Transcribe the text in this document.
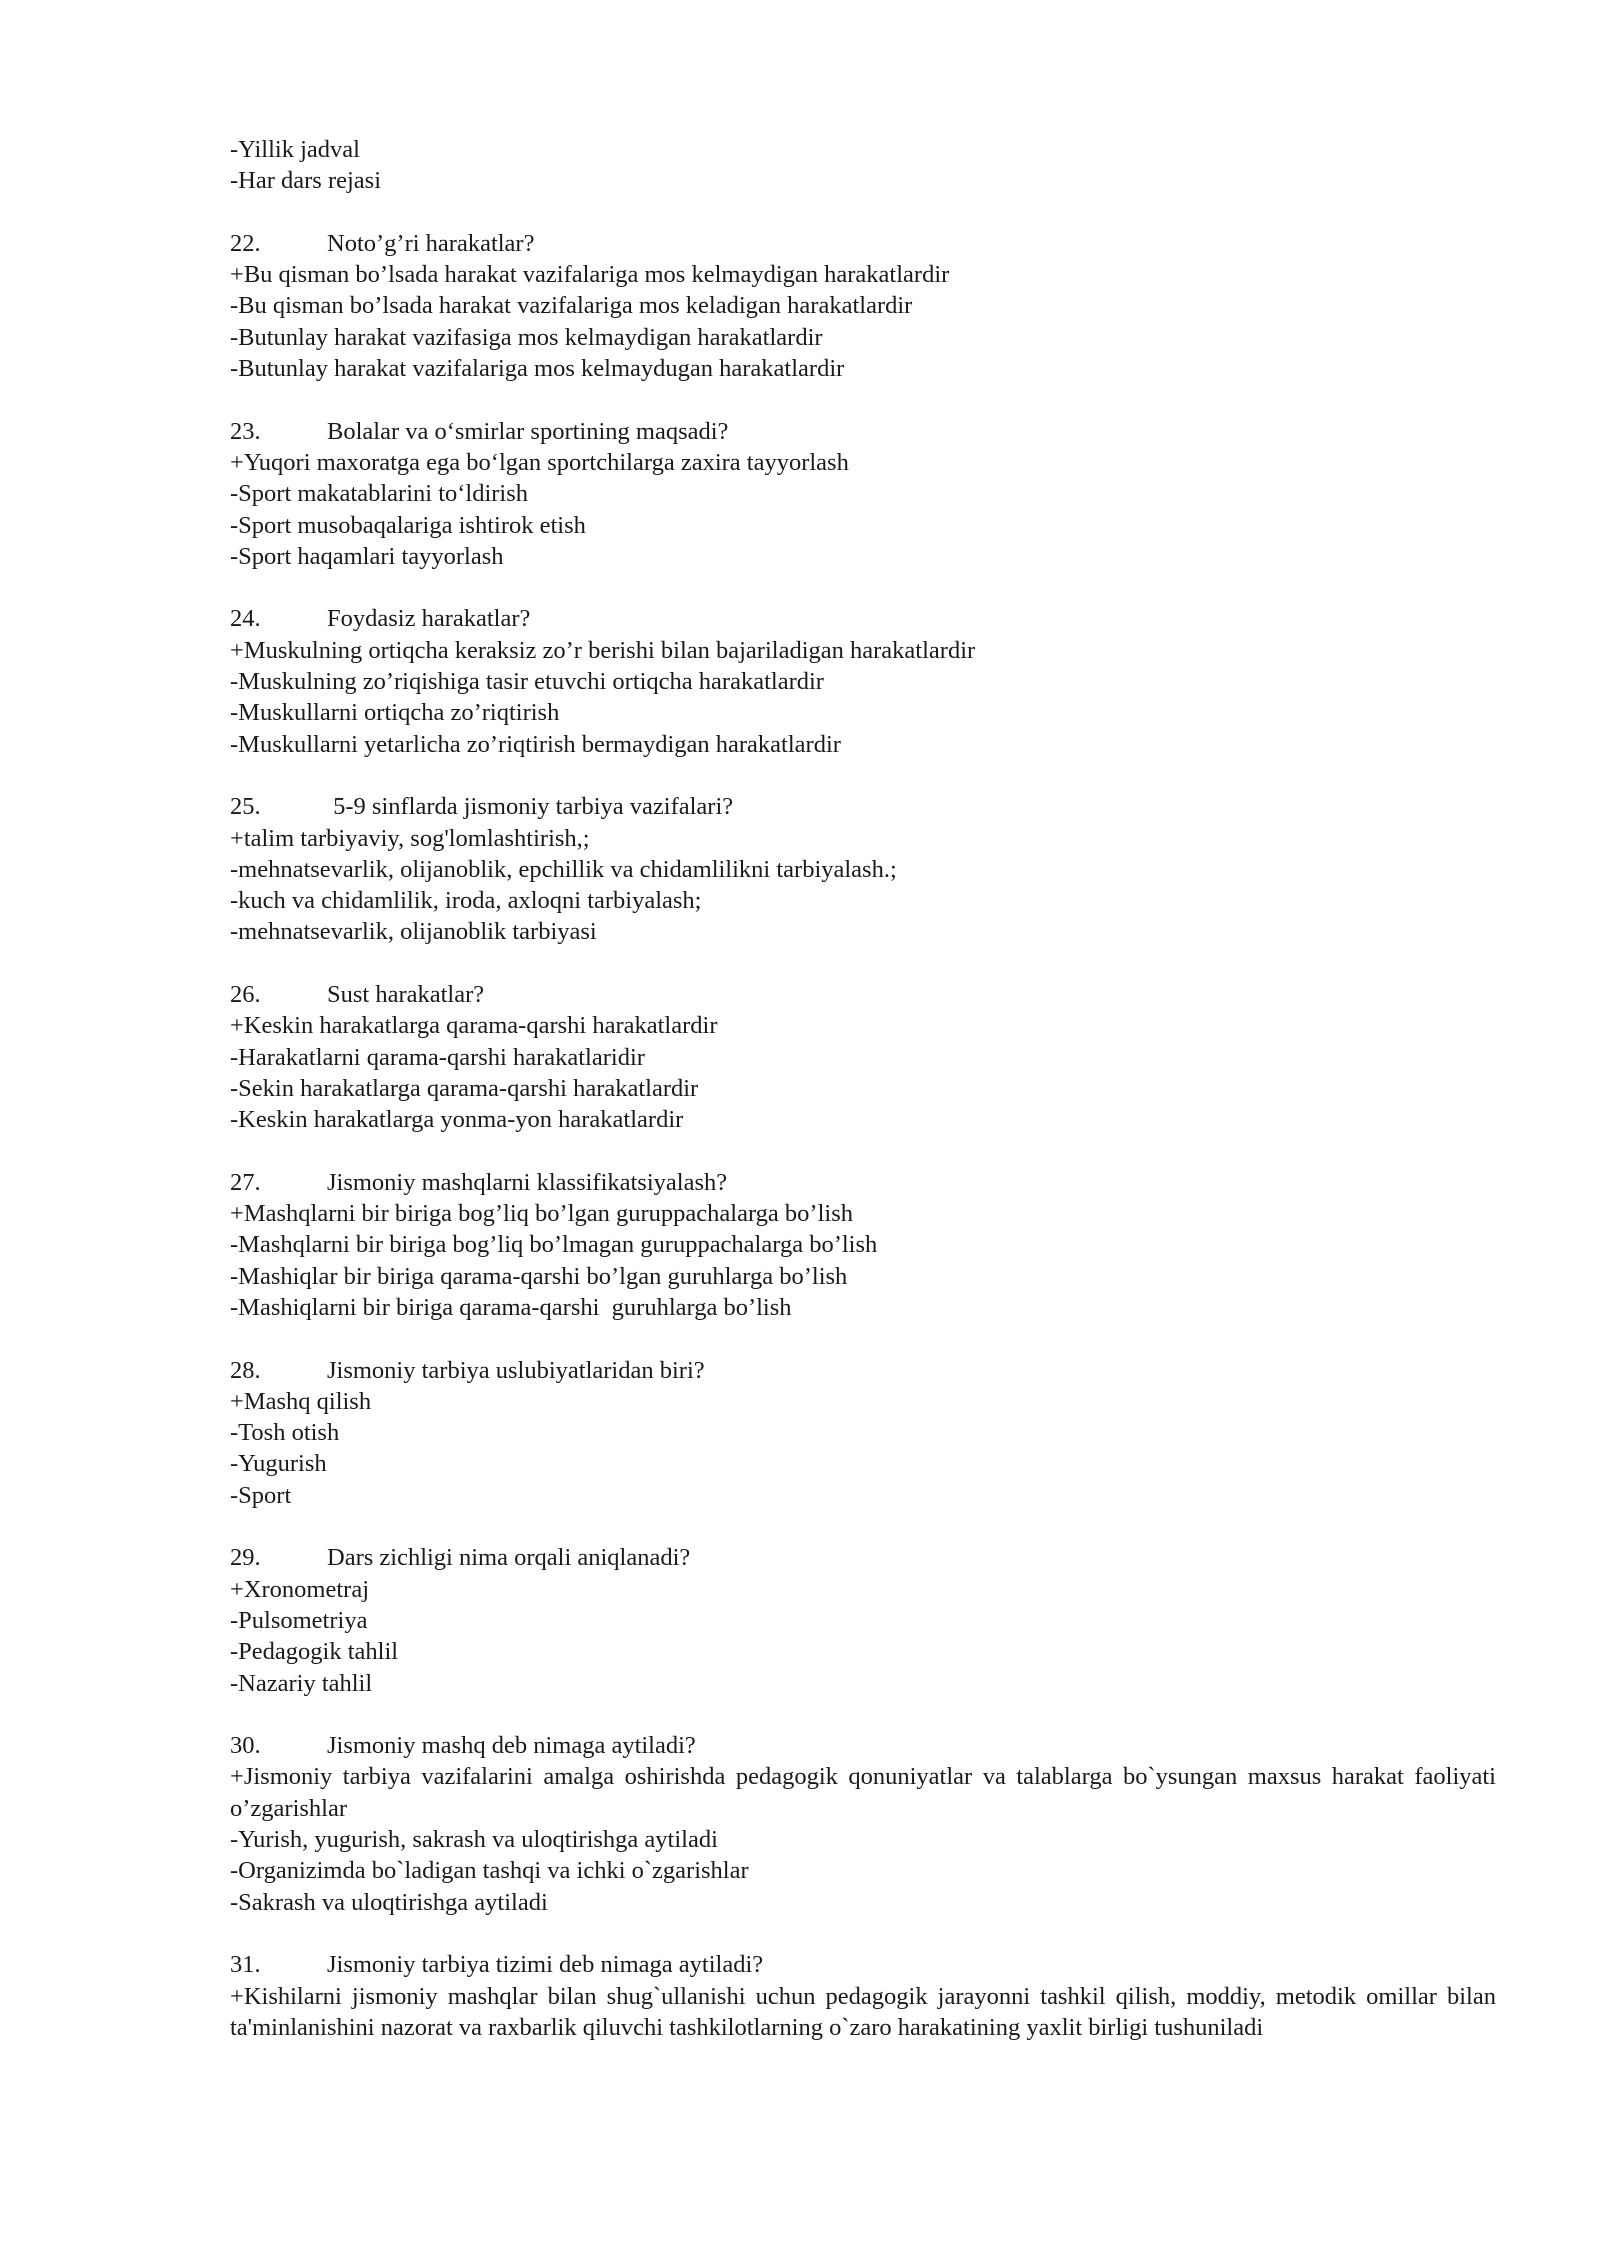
-Yillik jadval
-Har dars rejasi
22.	Noto’g’ri harakatlar?
+Bu qisman bo’lsada harakat vazifalariga mos kelmaydigan harakatlardir
-Bu qisman bo’lsada harakat vazifalariga mos keladigan harakatlardir
-Butunlay harakat vazifasiga mos kelmaydigan harakatlardir
-Butunlay harakat vazifalariga mos kelmaydugan harakatlardir
23.	Bolalar va o‘smirlar sportining maqsadi?
+Yuqori maxoratga ega bo‘lgan sportchilarga zaxira tayyorlash
-Sport makatablarini to‘ldirish
-Sport musobaqalariga ishtirok etish
-Sport haqamlari tayyorlash
24.	Foydasiz harakatlar?
+Muskulning ortiqcha keraksiz zo’r berishi bilan bajariladigan harakatlardir
-Muskulning zo’riqishiga tasir etuvchi ortiqcha harakatlardir
-Muskullarni ortiqcha zo’riqtirish
-Muskullarni yetarlicha zo’riqtirish bermaydigan harakatlardir
25.	5-9 sinflarda jismoniy tarbiya vazifalari?
+talim tarbiyaviy, sog'lomlashtirish,;
-mehnatsevarlik, olijanoblik, epchillik va chidamlilikni tarbiyalash.;
-kuch va chidamlilik, iroda, axloqni tarbiyalash;
-mehnatsevarlik, olijanoblik tarbiyasi
26.	Sust harakatlar?
+Keskin harakatlarga qarama-qarshi harakatlardir
-Harakatlarni qarama-qarshi harakatlaridir
-Sekin harakatlarga qarama-qarshi harakatlardir
-Keskin harakatlarga yonma-yon harakatlardir
27.	Jismoniy mashqlarni klassifikatsiyalash?
+Mashqlarni bir biriga bog’liq bo’lgan guruppachalarga bo’lish
-Mashqlarni bir biriga bog’liq bo’lmagan guruppachalarga bo’lish
-Mashiqlar bir biriga qarama-qarshi bo’lgan guruhlarga bo’lish
-Mashiqlarni bir biriga qarama-qarshi  guruhlarga bo’lish
28.	Jismoniy tarbiya uslubiyatlaridan biri?
+Mashq qilish
-Tosh otish
-Yugurish
-Sport
29.	Dars zichligi nima orqali aniqlanadi?
+Xronometraj
-Pulsometriya
-Pedagogik tahlil
-Nazariy tahlil
30.	Jismoniy mashq deb nimaga aytiladi?
+Jismoniy tarbiya vazifalarini amalga oshirishda pedagogik qonuniyatlar va talablarga bo`ysungan maxsus harakat faoliyati o’zgarishlar
-Yurish, yugurish, sakrash va uloqtirishga aytiladi
-Organizimda bo`ladigan tashqi va ichki o`zgarishlar
-Sakrash va uloqtirishga aytiladi
31.	Jismoniy tarbiya tizimi deb nimaga aytiladi?
+Kishilarni jismoniy mashqlar bilan shug`ullanishi uchun pedagogik jarayonni tashkil qilish, moddiy, metodik omillar bilan ta'minlanishini nazorat va raxbarlik qiluvchi tashkilotlarning o`zaro harakatining yaxlit birligi tushuniladi
